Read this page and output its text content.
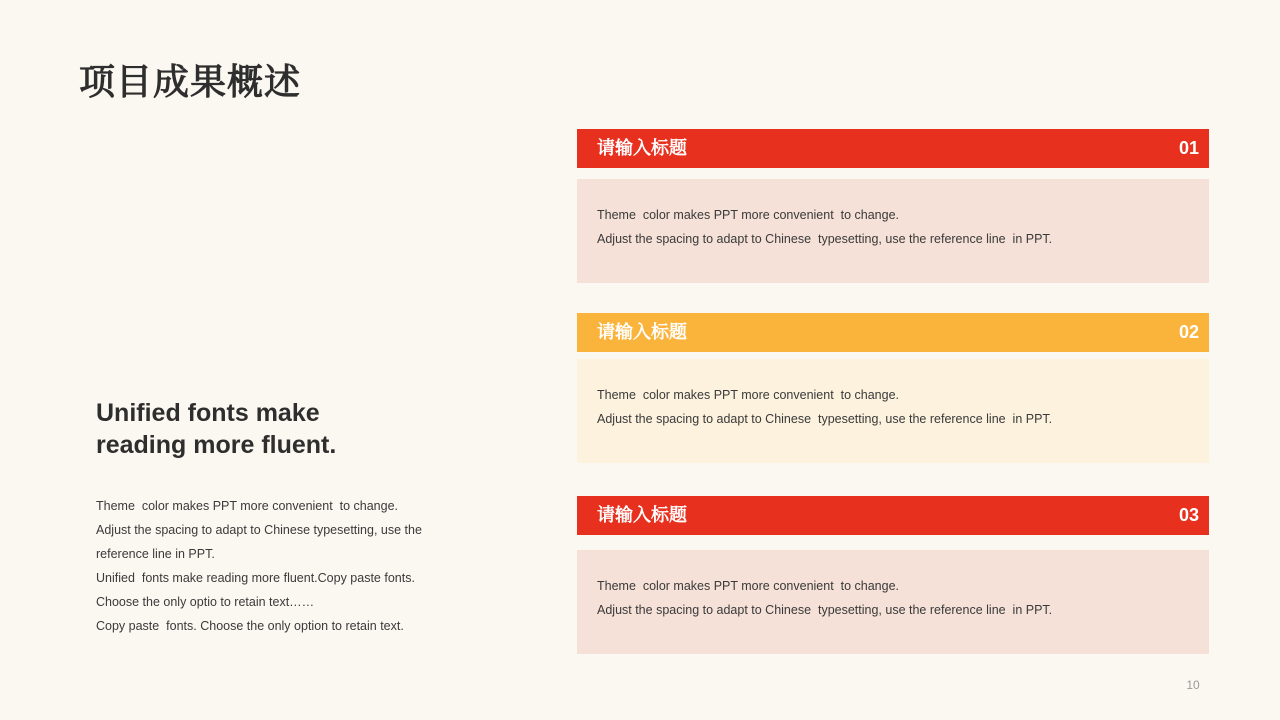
项目成果概述
Unified fonts make
reading more fluent.

Theme  color makes PPT more convenient  to change.

Adjust the spacing to adapt to Chinese typesetting, use the

reference line in PPT.

Unified  fonts make reading more fluent.Copy paste fonts.

Choose the only optio to retain text……

Copy paste  fonts. Choose the only option to retain text.

请输入标题	01

Theme  color makes PPT more convenient  to change.

Adjust the spacing to adapt to Chinese  typesetting, use the reference line  in PPT.

请输入标题	02

Theme  color makes PPT more convenient  to change.

Adjust the spacing to adapt to Chinese  typesetting, use the reference line  in PPT.

请输入标题	03

Theme  color makes PPT more convenient  to change.

Adjust the spacing to adapt to Chinese  typesetting, use the reference line  in PPT.

10
